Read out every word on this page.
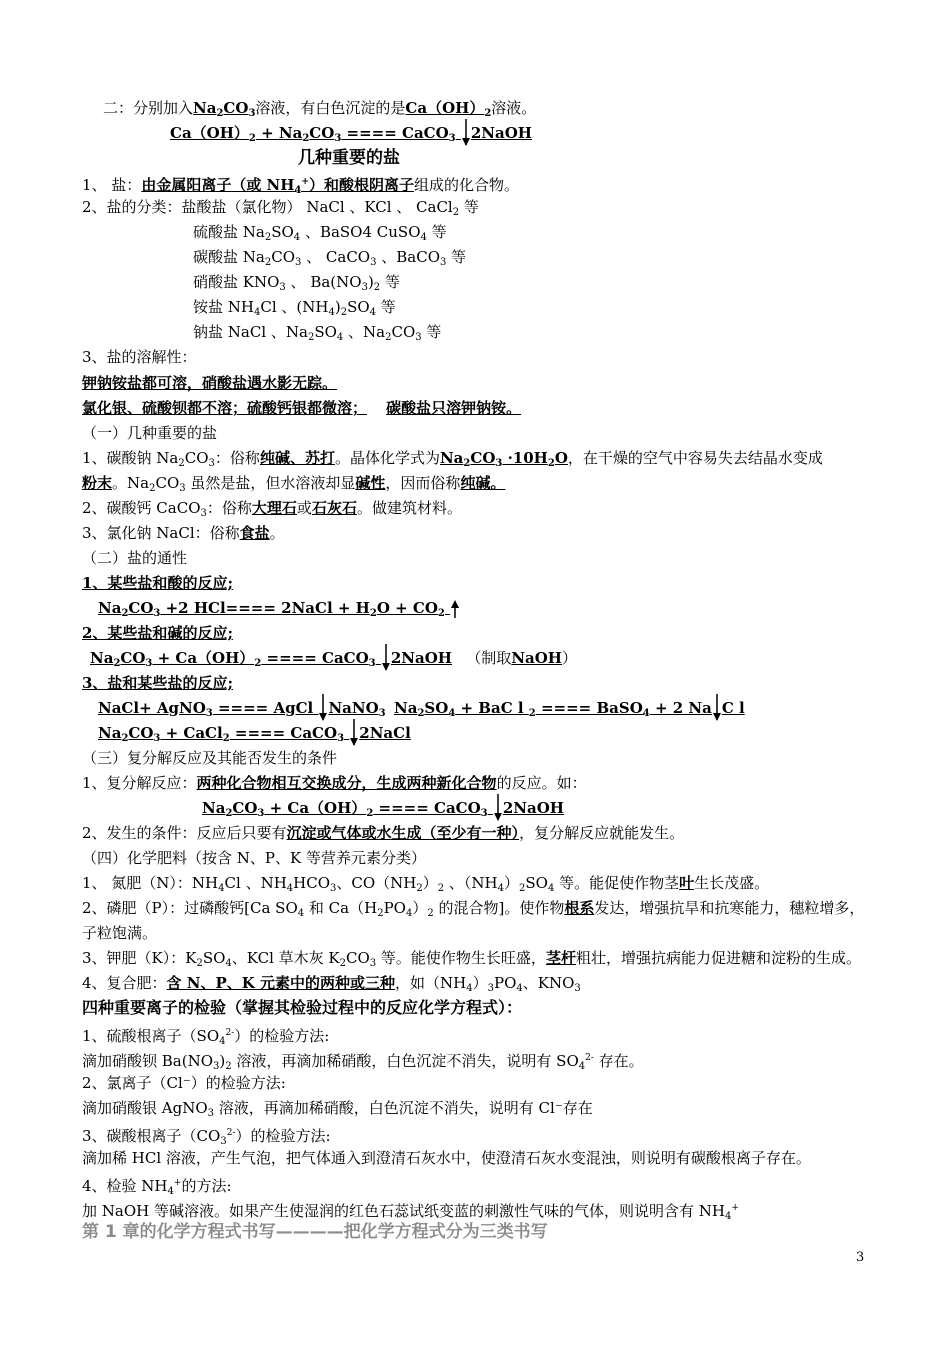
二：分别加入$Na_2CO_3$溶液，有白色沉淀的是$Ca(OH)_2$溶液。
$Ca(OH)_2 + Na_2CO_3$ ==== CaCO$_3$ 2NaOH
几种重要的盐
1、 盐：由金属阳离子（或 $NH_4^+$）和酸根阴离子组成的化合物。
2、盐的分类：盐酸盐（氯化物） NaCl 、KCl 、 CaCl$_2$ 等
硫酸盐 $Na_2SO_4$ 、BaSO4 CuSO$_4$ 等
碳酸盐 $Na_2CO_3$ 、 CaCO$_3$ 、BaCO$_3$ 等
硝酸盐 $KNO_3$ 、 $Ba(NO_3)_2$ 等
铵盐 $NH_4Cl$ 、$(NH_4)_2SO_4$ 等
钠盐 NaCl 、$Na_2SO_4$ 、$Na_2CO_3$ 等
3、盐的溶解性：
钾钠铵盐都可溶，硝酸盐遇水影无踪。
氯化银、硫酸钡都不溶；硫酸钙银都微溶； 碳酸盐只溶钾钠铵。
（一）几种重要的盐
1、碳酸钠 $Na_2CO_3$：俗称纯碱、苏打。晶体化学式为$Na_2CO_3 \cdot 10H_2O$，在干燥的空气中容易失去结晶水变成
粉末。$Na_2CO_3$ 虽然是盐，但水溶液却显碱性，因而俗称纯碱。
2、碳酸钙 CaCO$_3$：俗称大理石或石灰石。做建筑材料。
3、氯化钠 NaCl：俗称食盐。
（二）盐的通性
1、某些盐和酸的反应;
$Na_2CO_3 +2$ HCl==== 2NaCl + $H_2O + CO_2$
2、某些盐和碱的反应;
$Na_2CO_3 + Ca(OH)_2$ ==== CaCO$_3$ 2NaOH （制取NaOH）
3、盐和某些盐的反应;
NaCl+ AgNO$_3$ ==== AgCl
NaNO$_3$ $Na_2SO_4$ + BaC l $_2$ ==== BaSO$_4$ + 2 Na C l
$Na_2CO_3$ + CaCl$_2$ ==== CaCO$_3$ 2NaCl
（三）复分解反应及其能否发生的条件
1、复分解反应：两种化合物相互交换成分，生成两种新化合物的反应。如：
$Na_2CO_3 + Ca(OH)_2$ ==== CaCO$_3$ 2NaOH
2、发生的条件：反应后只要有沉淀或气体或水生成（至少有一种），复分解反应就能发生。
（四）化学肥料（按含 N、P、K 等营养元素分类）
1、 氮肥（N）：$NH_4Cl$ 、$NH_4HCO_3$、$CO(NH_2)_2$ 、$(NH_4)_2SO_4$ 等。能促使作物茎叶生长茂盛。
2、磷肥（P）：过磷酸钙[Ca $SO_4$ 和 $Ca(H_2PO_4)_2$ 的混合物]。使作物根系发达，增强抗旱和抗寒能力，穗粒增多，
子粒饱满。
3、钾肥（K）：$K_2SO_4$、KCl 草木灰 $K_2CO_3$ 等。能使作物生长旺盛，茎杆粗壮，增强抗病能力促进糖和淀粉的生成。
4、复合肥：含 N、P、K 元素中的两种或三种，如$(NH_4)_3PO_4$、$KNO_3$
四种重要离子的检验（掌握其检验过程中的反应化学方程式）：
1、硫酸根离子$(SO_4^{2-})$的检验方法:
滴加硝酸钡 $Ba(NO_3)_2$ 溶液，再滴加稀硝酸，白色沉淀不消失，说明有 $SO_4^{2-}$ 存在。
2、氯离子（Cl⁻）的检验方法:
滴加硝酸银 AgNO$_3$ 溶液，再滴加稀硝酸，白色沉淀不消失，说明有 Cl⁻存在
3、碳酸根离子$(CO_3^{2-})$的检验方法:
滴加稀 HCl 溶液，产生气泡，把气体通入到澄清石灰水中，使澄清石灰水变混浊，则说明有碳酸根离子存在。
4、检验 $NH_4^+$的方法:
加 NaOH 等碱溶液。如果产生使湿润的红色石蕊试纸变蓝的刺激性气味的气体，则说明含有 $NH_4^+$
第 1 章的化学方程式书写————把化学方程式分为三类书写
3
